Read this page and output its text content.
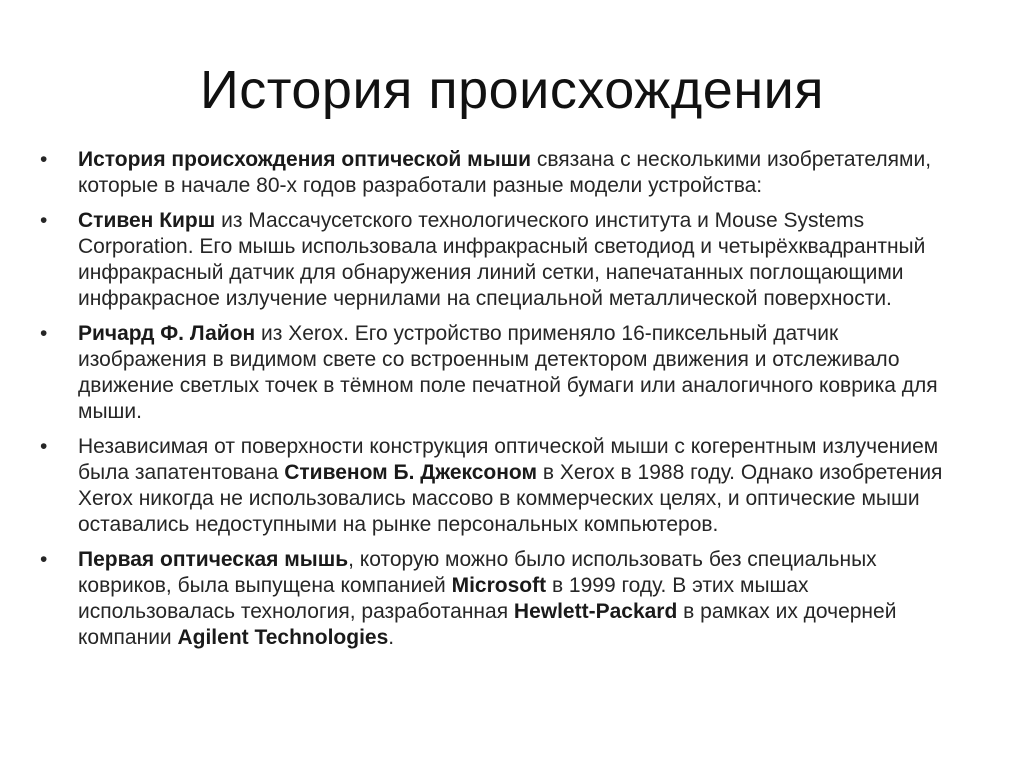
История происхождения
•	История происхождения оптической мыши связана с несколькими изобретателями, которые в начале 80-х годов разработали разные модели устройства:
•	Стивен Кирш из Массачусетского технологического института и Mouse Systems Corporation. Его мышь использовала инфракрасный светодиод и четырёхквадрантный инфракрасный датчик для обнаружения линий сетки, напечатанных поглощающими инфракрасное излучение чернилами на специальной металлической поверхности.
•	Ричард Ф. Лайон из Xerox. Его устройство применяло 16-пиксельный датчик изображения в видимом свете со встроенным детектором движения и отслеживало движение светлых точек в тёмном поле печатной бумаги или аналогичного коврика для мыши.
•	Независимая от поверхности конструкция оптической мыши с когерентным излучением была запатентована Стивеном Б. Джексоном в Xerox в 1988 году. Однако изобретения Xerox никогда не использовались массово в коммерческих целях, и оптические мыши оставались недоступными на рынке персональных компьютеров.
•	Первая оптическая мышь, которую можно было использовать без специальных ковриков, была выпущена компанией Microsoft в 1999 году. В этих мышах использовалась технология, разработанная Hewlett-Packard в рамках их дочерней компании Agilent Technologies.
